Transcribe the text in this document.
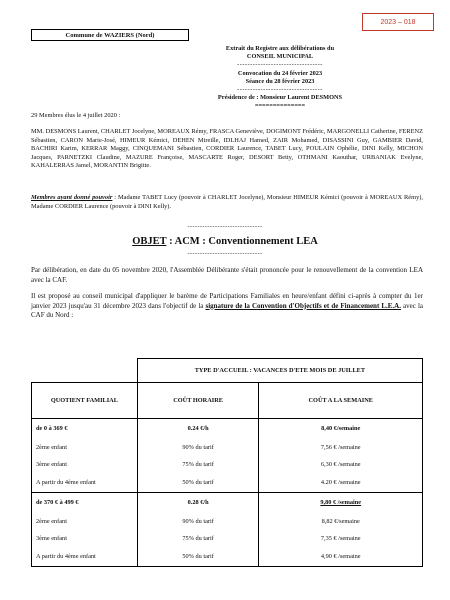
2023 – 018
Commune de WAZIERS (Nord)
Extrait du Registre aux délibérations du
CONSEIL MUNICIPAL
---------------------------------
Convocation du 24 février 2023
Séance du 28 février 2023
---------------------------------
Présidence de : Monsieur Laurent DESMONS
==============
29 Membres élus le 4 juillet 2020 :
MM. DESMONS Laurent, CHARLET Jocelyne, MOREAUX Rémy, FRASCA Geneviève, DOGIMONT Frédéric, MARGONELLI Catherine, FERENZ Sébastien, CARON Marie-José, HIMEUR Kémici, DEHEN Mireille, IDLHAJ Hamed, ZAIR Mohamed, DISASSINI Guy, GAMBIER David, BACHIRI Karim, KERRAR Maggy, CINQUEMANI Sébastien, CORDIER Laurence, TABET Lucy, POULAIN Ophélie, DINI Kelly, MICHON Jacques, PARNETZKI Claudine, MAZURE Françoise, MASCARTE Roger, DESORT Betty, OTHMANI Kaouthar, URBANIAK Evelyne, KAHALERRAS Jamel, MORANTIN Brigitte.
Membres ayant donné pouvoir : Madame TABET Lucy (pouvoir à CHARLET Jocelyne), Monsieur HIMEUR Kémici (pouvoir à MOREAUX Rémy), Madame CORDIER Laurence (pouvoir à DINI Kelly).
------------------------------
OBJET : ACM : Conventionnement LEA
------------------------------
Par délibération, en date du 05 novembre 2020, l'Assemblée Délibérante s'était prononcée pour le renouvellement de la convention LEA avec la CAF.
Il est proposé au conseil municipal d'appliquer le barème de Participations Familiales en heure/enfant défini ci-après à compter du 1er janvier 2023 jusqu'au 31 décembre 2023 dans l'objectif de la signature de la Convention d'Objectifs et de Financement L.E.A. avec la CAF du Nord :
	TYPE D'ACCUEIL : VACANCES D'ETE MOIS DE JUILLET	
QUOTIENT FAMILIAL	COÛT HORAIRE	COÛT A LA SEMAINE
de 0 à 369 €	0.24 €/h	8,40 €/semaine
2ème enfant	90% du tarif	7,56 € /semaine
3ème enfant	75% du tarif	6,30 € /semaine
A partir du 4ème enfant	50% du tarif	4.20 € /semaine
de 370 € à 499 €	0.28 €/h	9,80 € /semaine
2ème enfant	90% du tarif	8,82 €/semaine
3ème enfant	75% du tarif	7,35 € /semaine
A partir du 4ème enfant	50% du tarif	4,90 € /semaine
